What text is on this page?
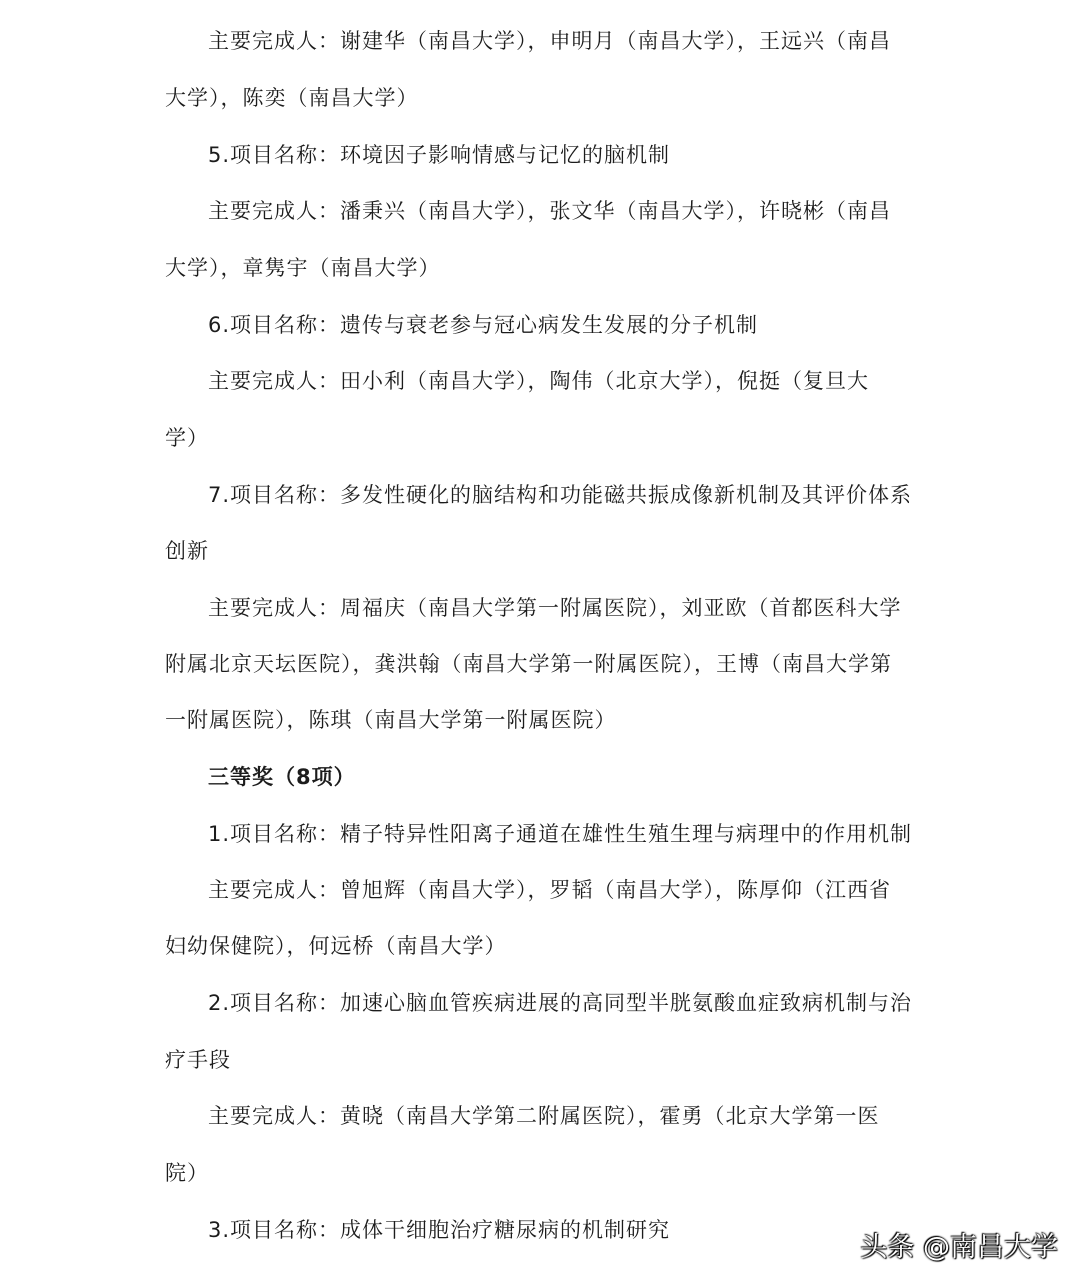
主要完成人：谢建华（南昌大学），申明月（南昌大学），王远兴（南昌
大学），陈奕（南昌大学）
5.项目名称：环境因子影响情感与记忆的脑机制
主要完成人：潘秉兴（南昌大学），张文华（南昌大学），许晓彬（南昌
大学），章隽宇（南昌大学）
6.项目名称：遗传与衰老参与冠心病发生发展的分子机制
主要完成人：田小利（南昌大学），陶伟（北京大学），倪挺（复旦大
学）
7.项目名称：多发性硬化的脑结构和功能磁共振成像新机制及其评价体系
创新
主要完成人：周福庆（南昌大学第一附属医院），刘亚欧（首都医科大学
附属北京天坛医院），龚洪翰（南昌大学第一附属医院），王博（南昌大学第
一附属医院），陈琪（南昌大学第一附属医院）
三等奖（8项）
1.项目名称：精子特异性阳离子通道在雄性生殖生理与病理中的作用机制
主要完成人：曾旭辉（南昌大学），罗韬（南昌大学），陈厚仰（江西省
妇幼保健院），何远桥（南昌大学）
2.项目名称：加速心脑血管疾病进展的高同型半胱氨酸血症致病机制与治
疗手段
主要完成人：黄晓（南昌大学第二附属医院），霍勇（北京大学第一医
院）
3.项目名称：成体干细胞治疗糖尿病的机制研究
头条 @南昌大学
